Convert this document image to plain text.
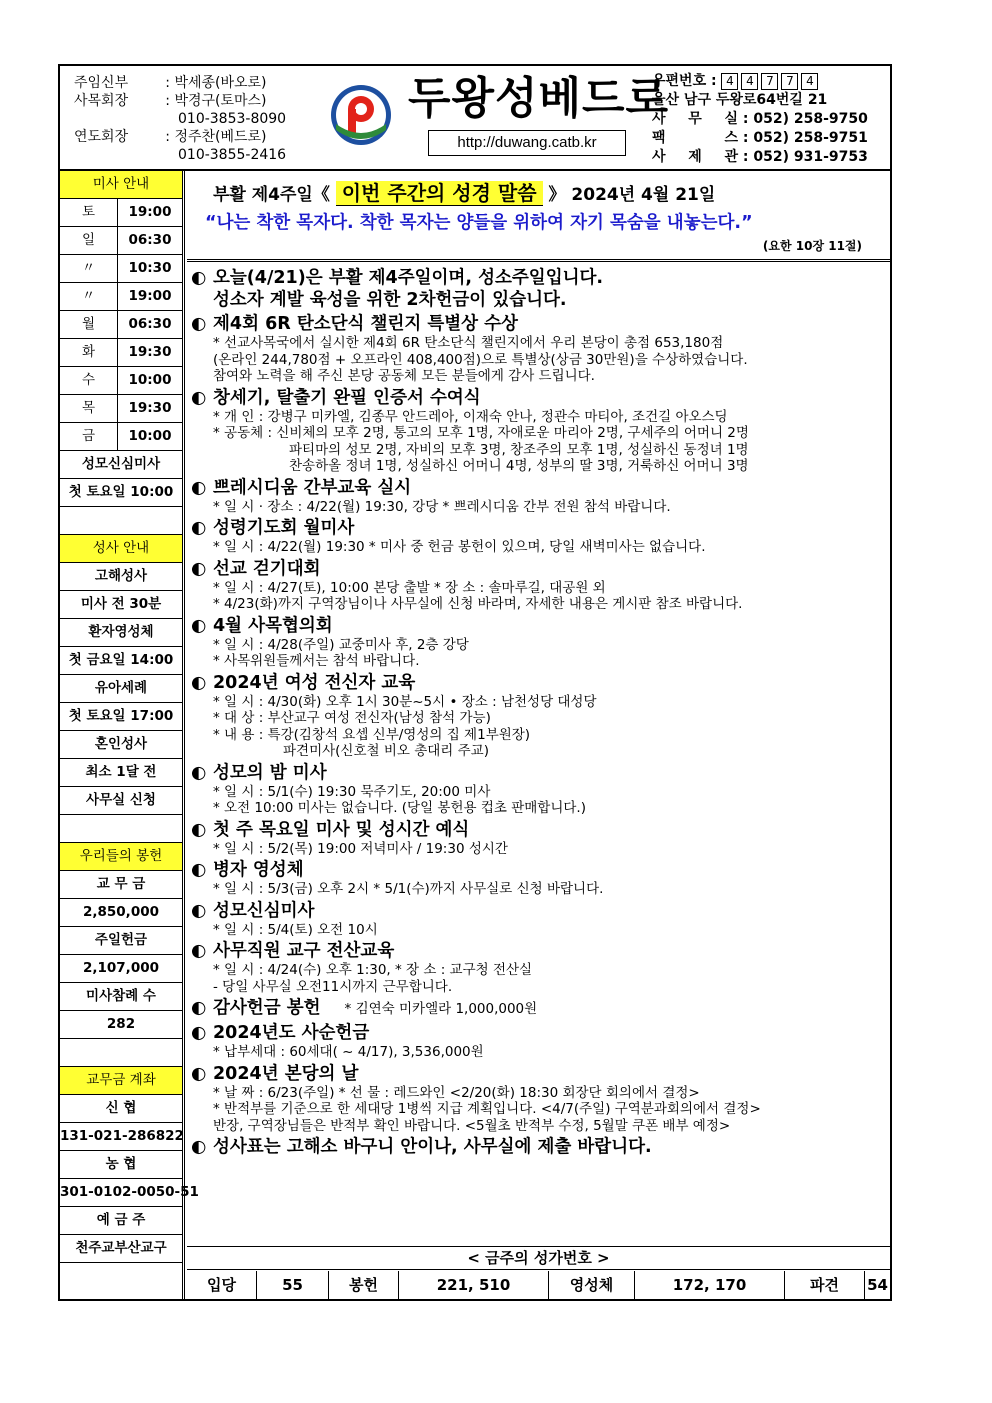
주임신부 : 박세종(바오로)
사목회장 : 박경구(토마스)
010-3853-8090
연도회장 : 정주찬(베드로)
010-3855-2416
두왕성베드로
http://duwang.catb.kr
우편번호 : 4 4 7 7 4
울산 남구 두왕로64번길 21
사 무 실 : 052) 258-9750
팩 스 : 052) 258-9751
사 제 관 : 052) 931-9753
미사 안내
토	19:00
일	06:30
〃	10:30
〃	19:00
월	06:30
화	19:30
수	10:00
목	19:30
금	10:00
성모신심미사
첫 토요일 10:00
성사 안내
고해성사
미사 전 30분
환자영성체
첫 금요일 14:00
유아세례
첫 토요일 17:00
혼인성사
최소 1달 전
사무실 신청
우리들의 봉헌
교 무 금
2,850,000
주일헌금
2,107,000
미사참례 수
282
교무금 계좌
신 협
131-021-286822
농 협
301-0102-0050-51
예 금 주
천주교부산교구
부활 제4주일《 이번 주간의 성경 말씀 》 2024년 4월 21일
“나는 착한 목자다. 착한 목자는 양들을 위하여 자기 목숨을 내놓는다.”
(요한 10장 11절)
◐ 오늘(4/21)은 부활 제4주일이며, 성소주일입니다.
성소자 계발 육성을 위한 2차헌금이 있습니다.
◐ 제4회 6R 탄소단식 챌린지 특별상 수상
* 선교사목국에서 실시한 제4회 6R 탄소단식 챌린지에서 우리 본당이 총점 653,180점
(온라인 244,780점 + 오프라인 408,400점)으로 특별상(상금 30만원)을 수상하였습니다.
참여와 노력을 해 주신 본당 공동체 모든 분들에게 감사 드립니다.
◐ 창세기, 탈출기 완필 인증서 수여식
* 개 인 : 강병구 미카엘, 김종무 안드레아, 이재숙 안나, 정관수 마티아, 조건길 아오스딩
* 공동체 : 신비체의 모후 2명, 통고의 모후 1명, 자애로운 마리아 2명, 구세주의 어머니 2명
파티마의 성모 2명, 자비의 모후 3명, 창조주의 모후 1명, 성실하신 동정녀 1명
찬송하올 정녀 1명, 성실하신 어머니 4명, 성부의 딸 3명, 거룩하신 어머니 3명
◐ 쁘레시디움 간부교육 실시
* 일 시 · 장소 : 4/22(월) 19:30, 강당 * 쁘레시디움 간부 전원 참석 바랍니다.
◐ 성령기도회 월미사
* 일 시 : 4/22(월) 19:30 * 미사 중 헌금 봉헌이 있으며, 당일 새벽미사는 없습니다.
◐ 선교 걷기대회
* 일 시 : 4/27(토), 10:00 본당 출발 * 장 소 : 솔마루길, 대공원 외
* 4/23(화)까지 구역장님이나 사무실에 신청 바라며, 자세한 내용은 게시판 참조 바랍니다.
◐ 4월 사목협의회
* 일 시 : 4/28(주일) 교중미사 후, 2층 강당
* 사목위원들께서는 참석 바랍니다.
◐ 2024년 여성 전신자 교육
* 일 시 : 4/30(화) 오후 1시 30분~5시 • 장소 : 남천성당 대성당
* 대 상 : 부산교구 여성 전신자(남성 참석 가능)
* 내 용 : 특강(김창석 요셉 신부/영성의 집 제1부원장)
파견미사(신호철 비오 총대리 주교)
◐ 성모의 밤 미사
* 일 시 : 5/1(수) 19:30 묵주기도, 20:00 미사
* 오전 10:00 미사는 없습니다. (당일 봉헌용 컵초 판매합니다.)
◐ 첫 주 목요일 미사 및 성시간 예식
* 일 시 : 5/2(목) 19:00 저녁미사 / 19:30 성시간
◐ 병자 영성체
* 일 시 : 5/3(금) 오후 2시 * 5/1(수)까지 사무실로 신청 바랍니다.
◐ 성모신심미사
* 일 시 : 5/4(토) 오전 10시
◐ 사무직원 교구 전산교육
* 일 시 : 4/24(수) 오후 1:30, * 장 소 : 교구청 전산실
- 당일 사무실 오전11시까지 근무합니다.
◐ 감사헌금 봉헌 * 김연숙 미카엘라 1,000,000원
◐ 2024년도 사순헌금
* 납부세대 : 60세대( ~ 4/17), 3,536,000원
◐ 2024년 본당의 날
* 날 짜 : 6/23(주일) * 선 물 : 레드와인 <2/20(화) 18:30 회장단 회의에서 결정>
* 반적부를 기준으로 한 세대당 1병씩 지급 계획입니다. <4/7(주일) 구역분과회의에서 결정>
반장, 구역장님들은 반적부 확인 바랍니다. <5월초 반적부 수정, 5월말 쿠폰 배부 예정>
◐ 성사표는 고해소 바구니 안이나, 사무실에 제출 바랍니다.
< 금주의 성가번호 >
입당	55	봉헌	221, 510	영성체	172, 170	파견	54
